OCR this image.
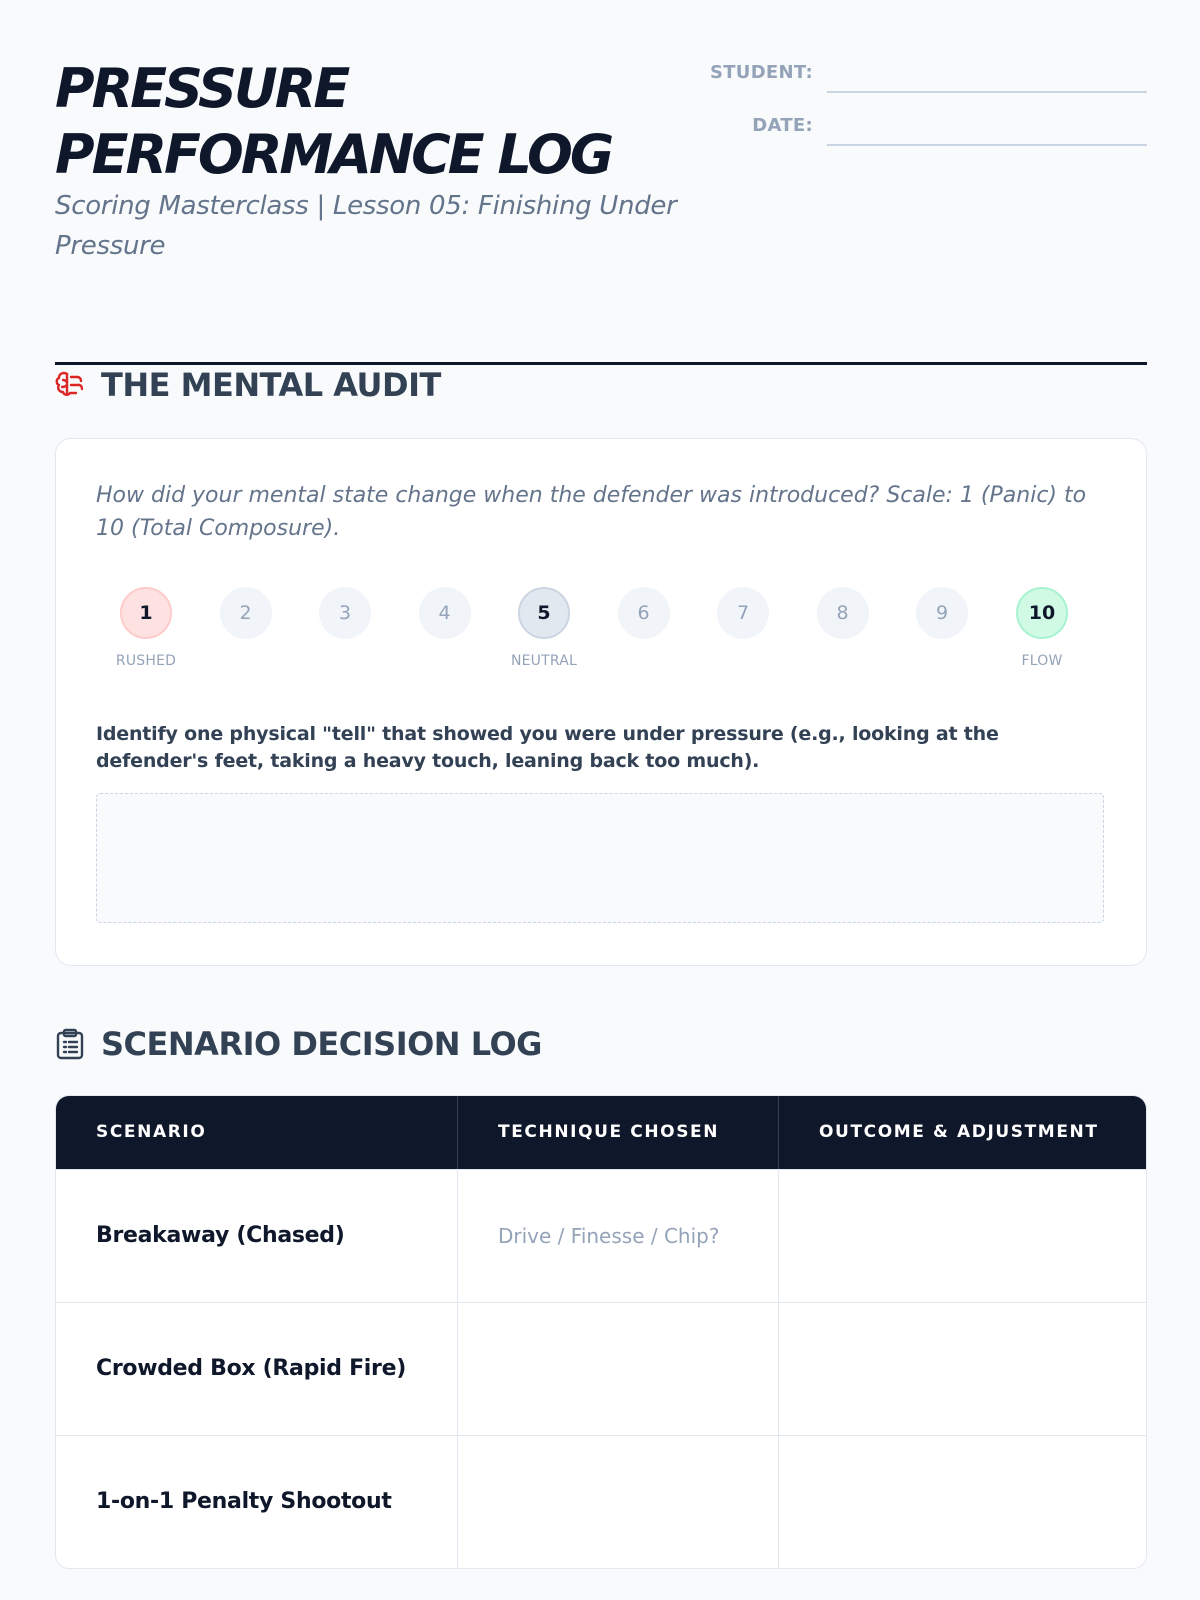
PRESSURE
PERFORMANCE LOG
Scoring Masterclass | Lesson 05: Finishing Under Pressure
STUDENT:
DATE:
THE MENTAL AUDIT
How did your mental state change when the defender was introduced? Scale: 1 (Panic) to 10 (Total Composure).
1
RUSHED
2	3	4	5
NEUTRAL
6	7	8	9	10
FLOW
Identify one physical "tell" that showed you were under pressure (e.g., looking at the defender's feet, taking a heavy touch, leaning back too much).
SCENARIO DECISION LOG
SCENARIO	TECHNIQUE CHOSEN	OUTCOME & ADJUSTMENT
Breakaway (Chased)	Drive / Finesse / Chip?
Crowded Box (Rapid Fire)
1-on-1 Penalty Shootout
